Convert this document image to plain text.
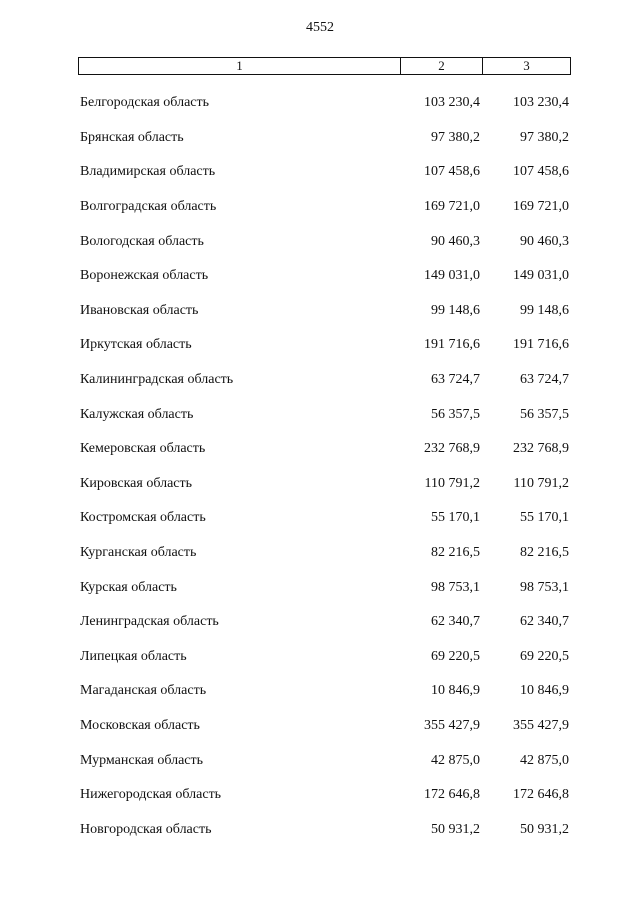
4552
1	2	3
Белгородская область	103 230,4	103 230,4
Брянская область	97 380,2	97 380,2
Владимирская область	107 458,6	107 458,6
Волгоградская область	169 721,0	169 721,0
Вологодская область	90 460,3	90 460,3
Воронежская область	149 031,0	149 031,0
Ивановская область	99 148,6	99 148,6
Иркутская область	191 716,6	191 716,6
Калининградская область	63 724,7	63 724,7
Калужская область	56 357,5	56 357,5
Кемеровская область	232 768,9	232 768,9
Кировская область	110 791,2	110 791,2
Костромская область	55 170,1	55 170,1
Курганская область	82 216,5	82 216,5
Курская область	98 753,1	98 753,1
Ленинградская область	62 340,7	62 340,7
Липецкая область	69 220,5	69 220,5
Магаданская область	10 846,9	10 846,9
Московская область	355 427,9	355 427,9
Мурманская область	42 875,0	42 875,0
Нижегородская область	172 646,8	172 646,8
Новгородская область	50 931,2	50 931,2
